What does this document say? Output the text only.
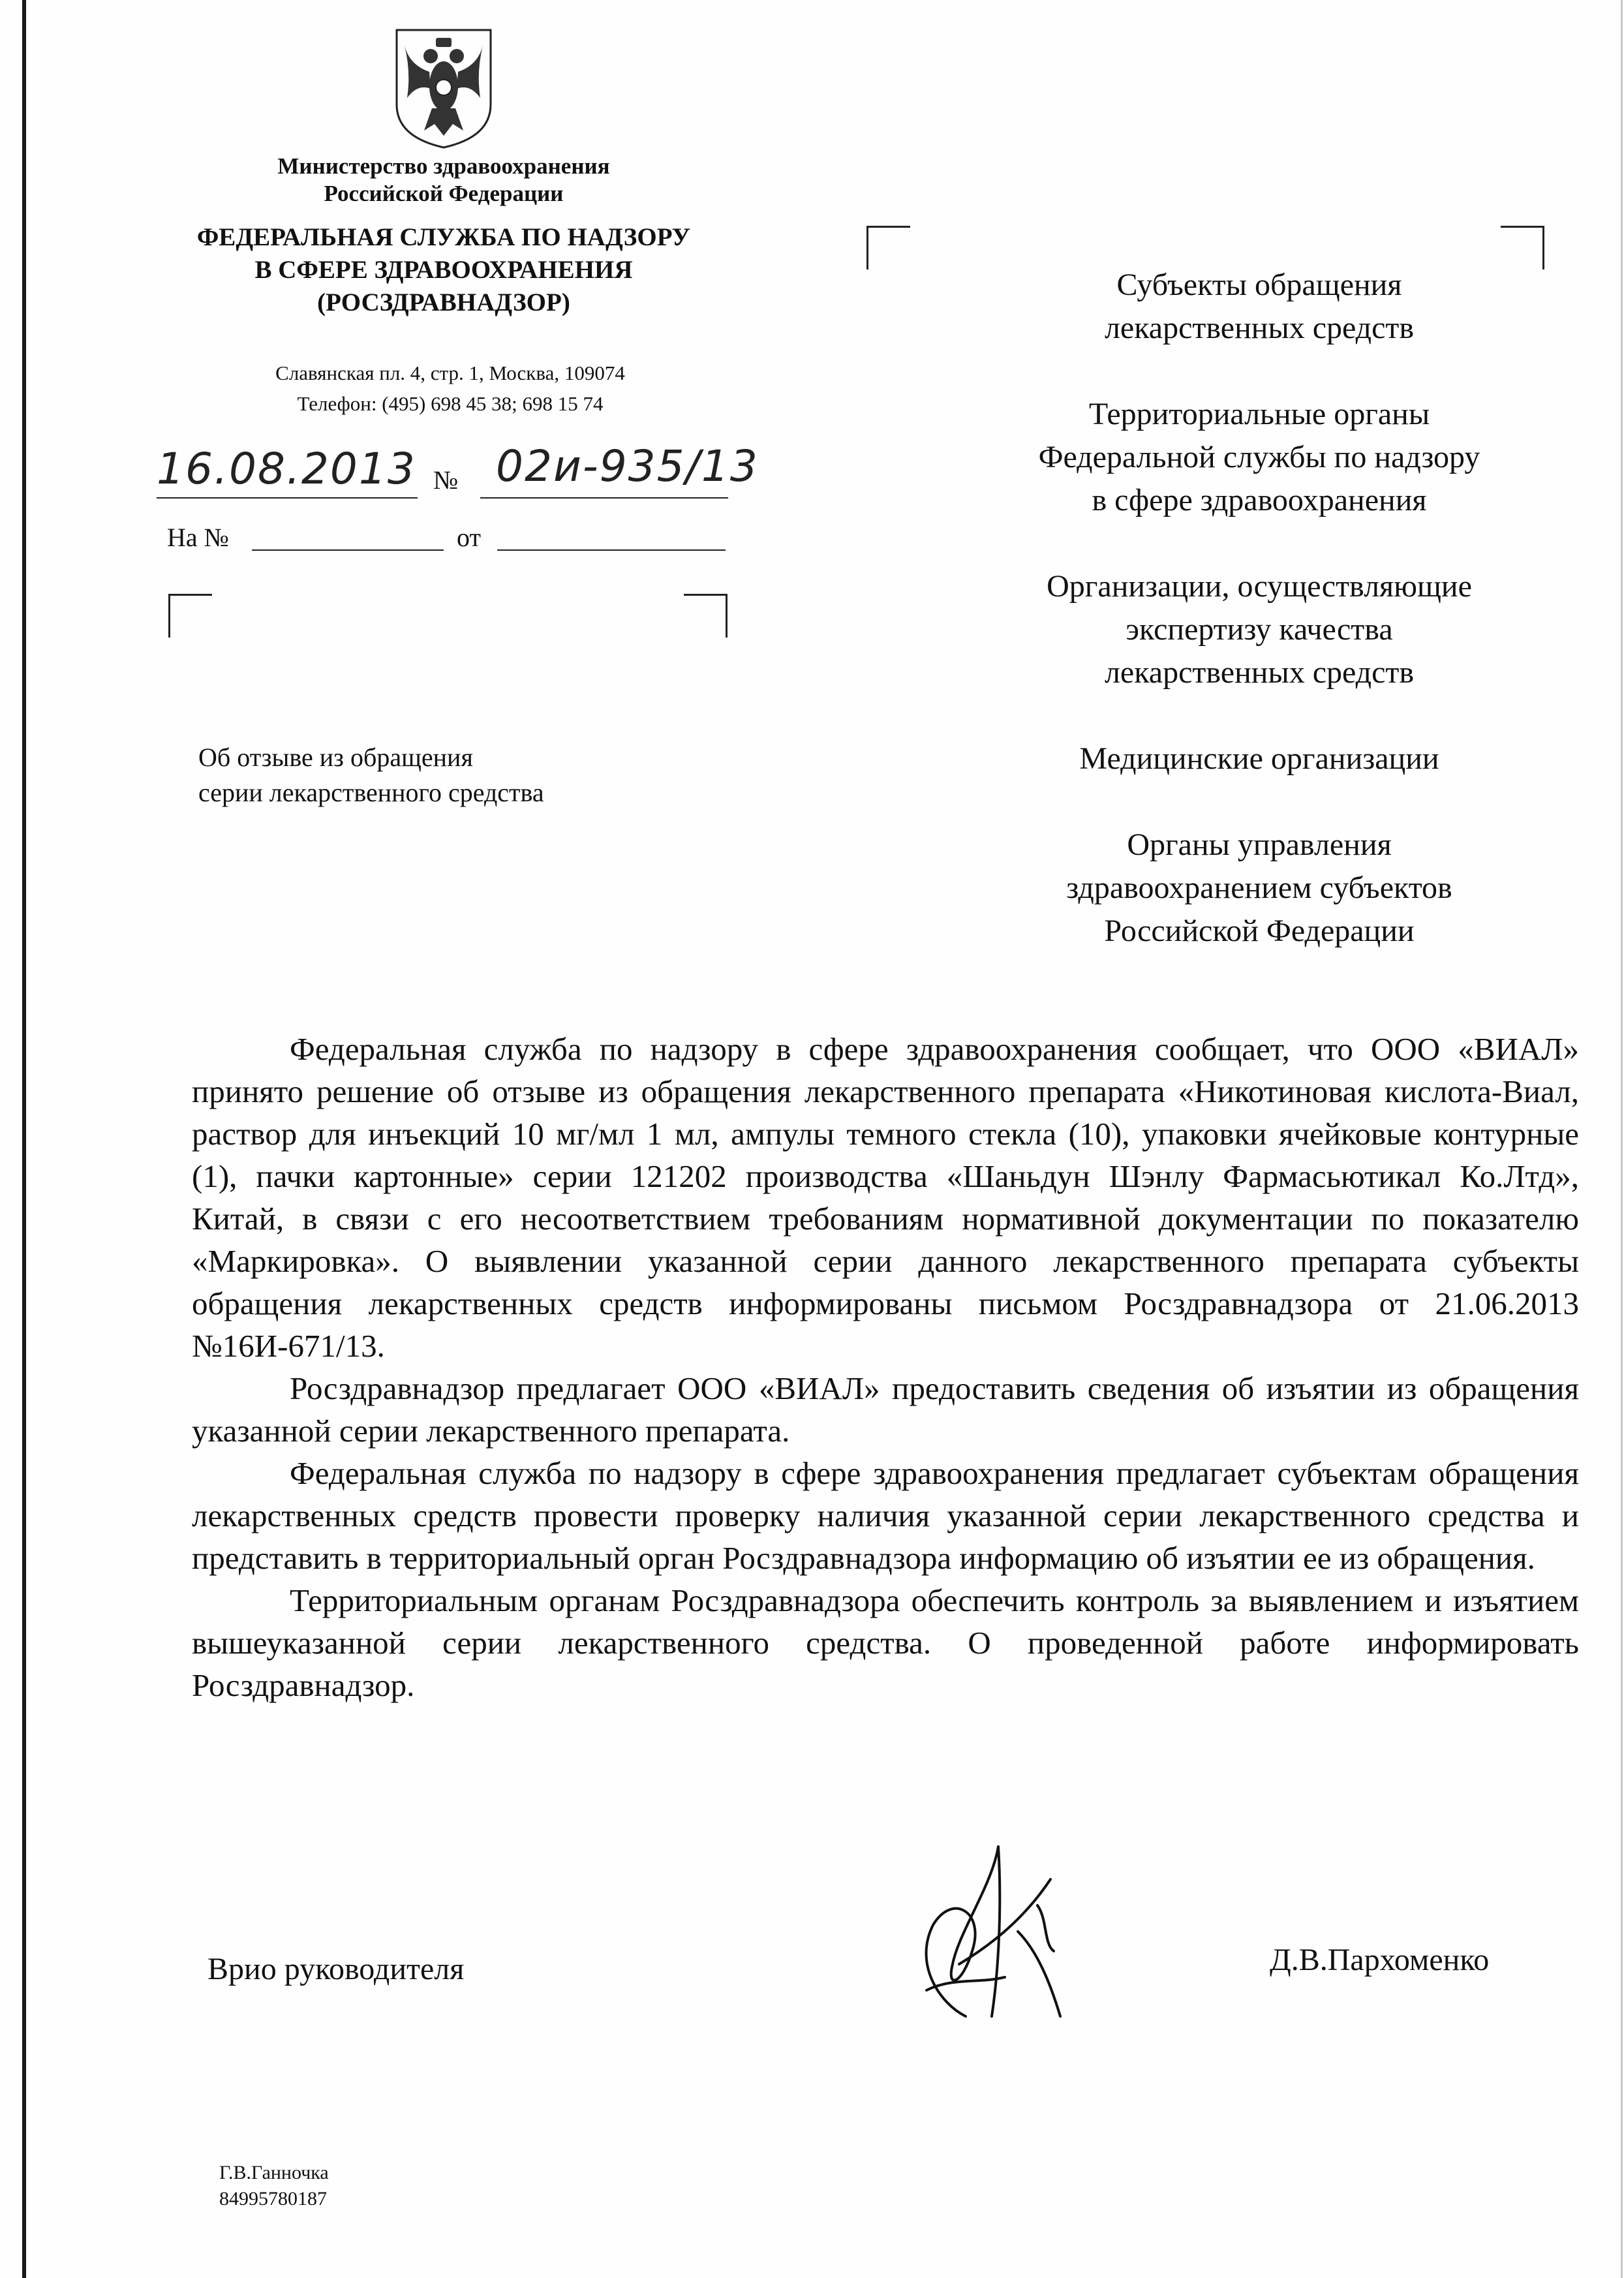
Министерство здравоохранения
Российской Федерации
ФЕДЕРАЛЬНАЯ СЛУЖБА ПО НАДЗОРУ
В СФЕРЕ ЗДРАВООХРАНЕНИЯ
(РОСЗДРАВНАДЗОР)
Славянская пл. 4, стр. 1, Москва, 109074
Телефон: (495) 698 45 38; 698 15 74
16.08.2013 № 02и-935/13
На №	от
Об отзыве из обращения
серии лекарственного средства
Субъекты обращения
лекарственных средств
Территориальные органы
Федеральной службы по надзору
в сфере здравоохранения
Организации, осуществляющие
экспертизу качества
лекарственных средств
Медицинские организации
Органы управления
здравоохранением субъектов
Российской Федерации

Федеральная служба по надзору в сфере здравоохранения сообщает, что ООО «ВИАЛ» принято решение об отзыве из обращения лекарственного препарата «Никотиновая кислота-Виал, раствор для инъекций 10 мг/мл 1 мл, ампулы темного стекла (10), упаковки ячейковые контурные (1), пачки картонные» серии 121202 производства «Шаньдун Шэнлу Фармасьютикал Ко.Лтд», Китай, в связи с его несоответствием требованиям нормативной документации по показателю «Маркировка». О выявлении указанной серии данного лекарственного препарата субъекты обращения лекарственных средств информированы письмом Росздравнадзора от 21.06.2013 №16И-671/13.

Росздравнадзор предлагает ООО «ВИАЛ» предоставить сведения об изъятии из обращения указанной серии лекарственного препарата.

Федеральная служба по надзору в сфере здравоохранения предлагает субъектам обращения лекарственных средств провести проверку наличия указанной серии лекарственного средства и представить в территориальный орган Росздравнадзора информацию об изъятии ее из обращения.

Территориальным органам Росздравнадзора обеспечить контроль за выявлением и изъятием вышеуказанной серии лекарственного средства. О проведенной работе информировать Росздравнадзор.

Врио руководителя	Д.В.Пархоменко
Г.В.Ганночка
84995780187
